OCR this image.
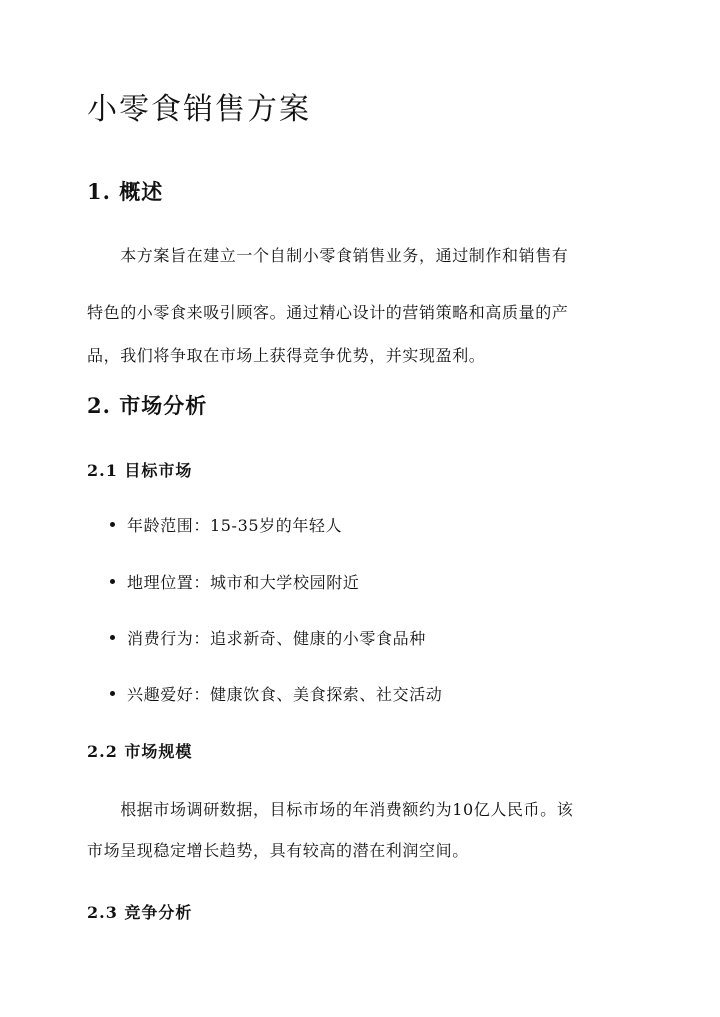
小零食销售方案
1. 概述
　　本方案旨在建立一个自制小零食销售业务，通过制作和销售有
特色的小零食来吸引顾客。通过精心设计的营销策略和高质量的产
品，我们将争取在市场上获得竞争优势，并实现盈利。
2. 市场分析
2.1 目标市场
年龄范围：15-35岁的年轻人
地理位置：城市和大学校园附近
消费行为：追求新奇、健康的小零食品种
兴趣爱好：健康饮食、美食探索、社交活动
2.2 市场规模
　　根据市场调研数据，目标市场的年消费额约为10亿人民币。该
市场呈现稳定增长趋势，具有较高的潜在利润空间。
2.3 竞争分析
